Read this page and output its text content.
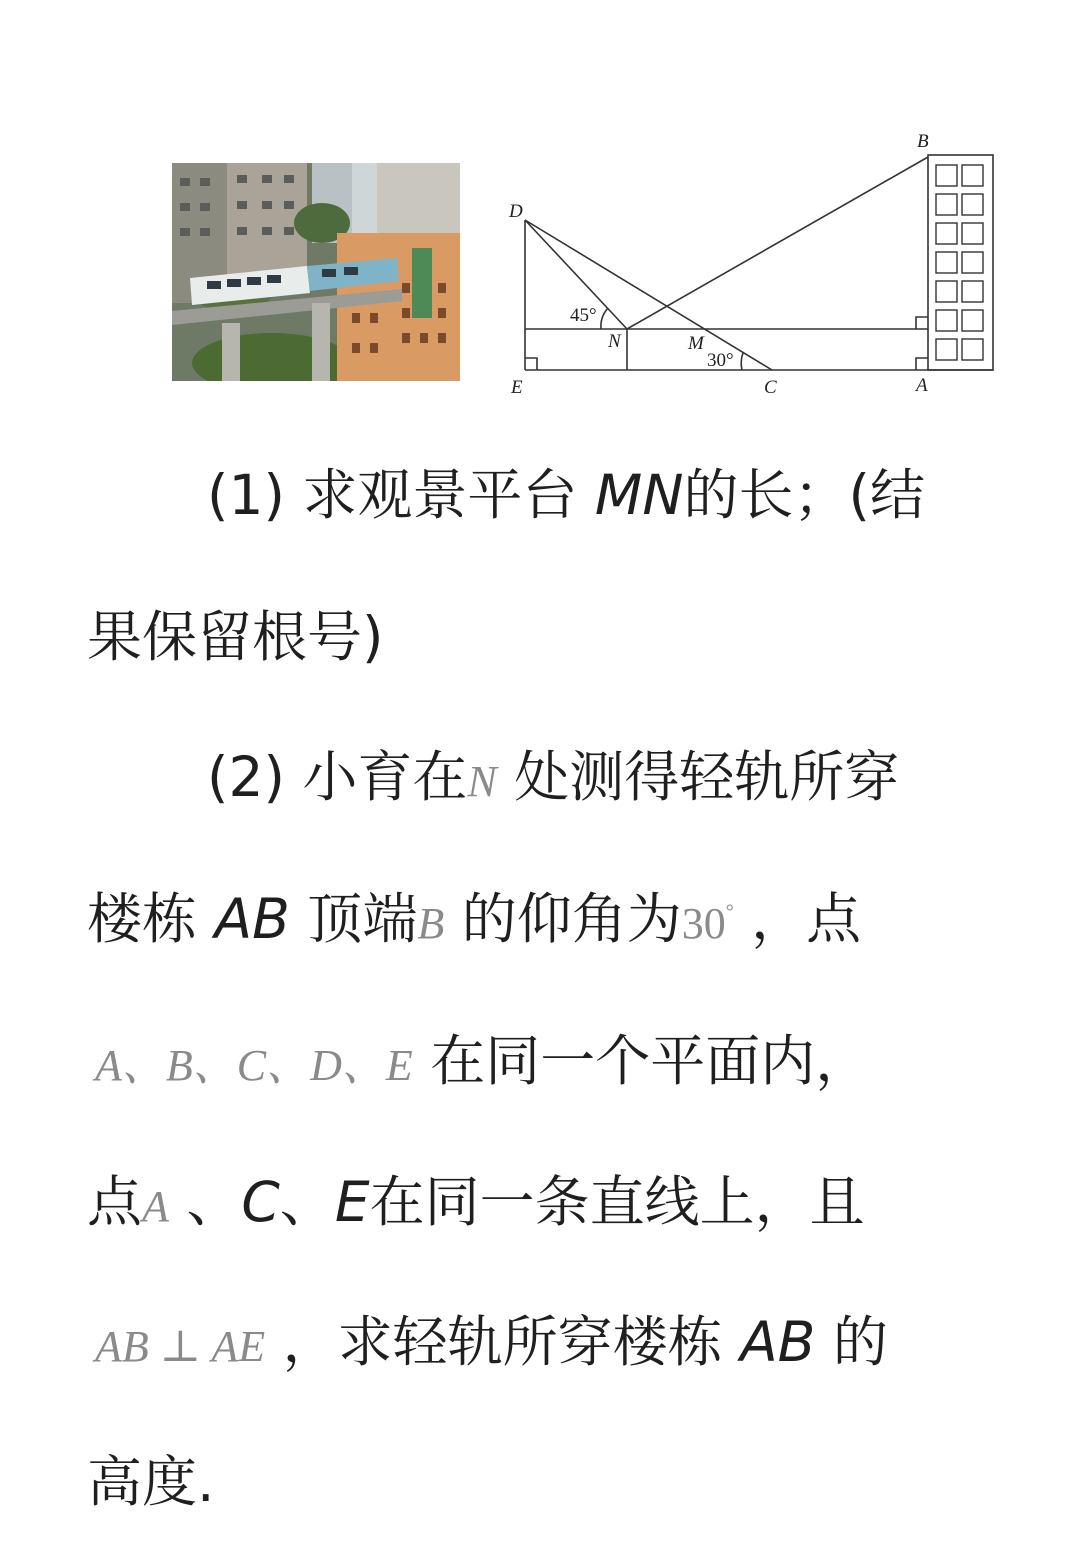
B
D
N	M
E	C	A
45°
30°
(1) 求观景平台 MN的长；(结
果保留根号)
(2) 小育在N 处测得轻轨所穿
楼栋 AB 顶端B 的仰角为30° ，点
A、B、C、D、E 在同一个平面内，
点A 、C、E在同一条直线上，且
AB ⊥ AE ，求轻轨所穿楼栋 AB 的
高度.
